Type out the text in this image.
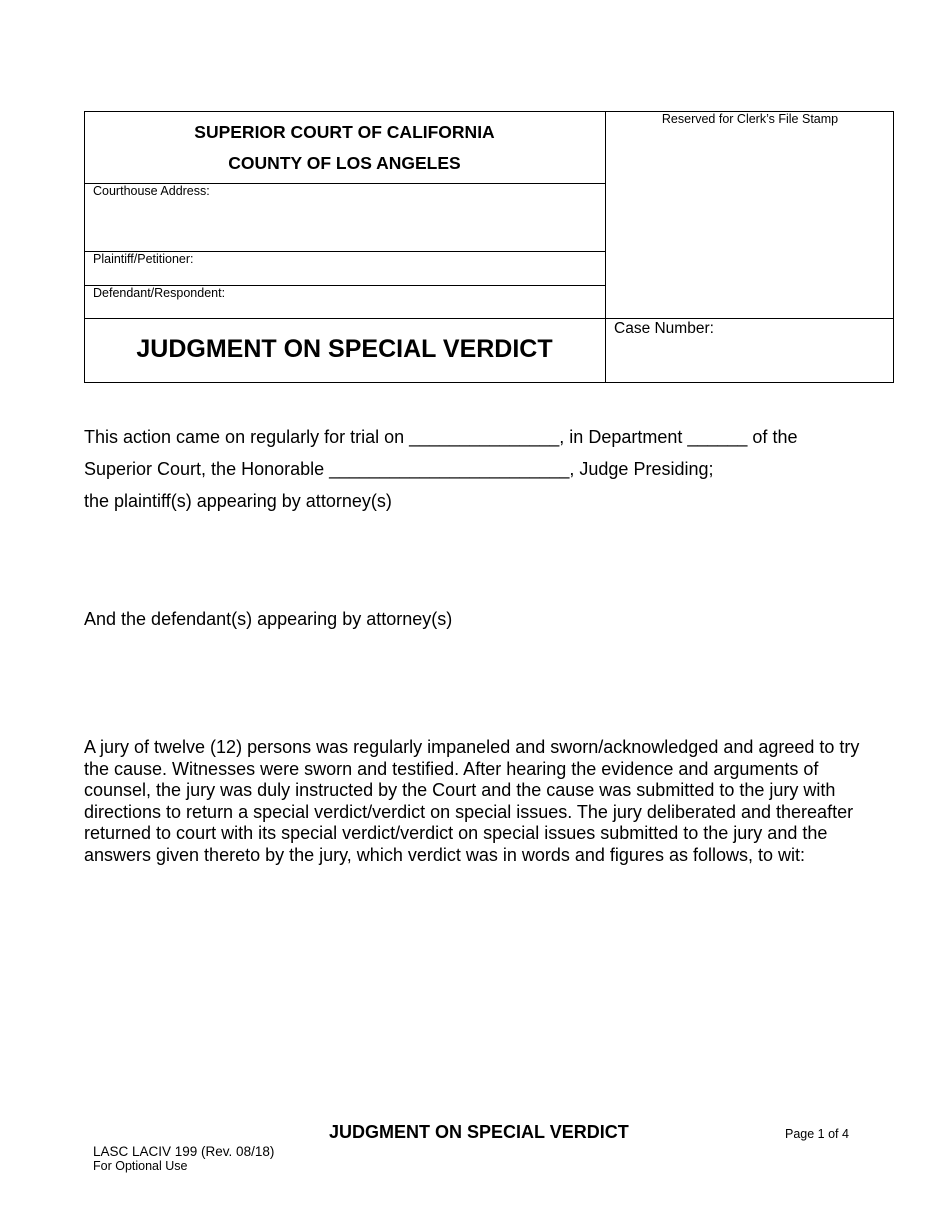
SUPERIOR COURT OF CALIFORNIA
COUNTY OF LOS ANGELES
Courthouse Address:
Plaintiff/Petitioner:
Defendant/Respondent:
Reserved for Clerk’s File Stamp
Case Number:
JUDGMENT ON SPECIAL VERDICT
This action came on regularly for trial on _______________, in Department ______ of the
Superior Court, the Honorable ________________________, Judge Presiding;
the plaintiff(s) appearing by attorney(s)
And the defendant(s) appearing by attorney(s)
A jury of twelve (12) persons was regularly impaneled and sworn/acknowledged and agreed to try the cause. Witnesses were sworn and testified. After hearing the evidence and arguments of counsel, the jury was duly instructed by the Court and the cause was submitted to the jury with directions to return a special verdict/verdict on special issues. The jury deliberated and thereafter returned to court with its special verdict/verdict on special issues submitted to the jury and the answers given thereto by the jury, which verdict was in words and figures as follows, to wit:
JUDGMENT ON SPECIAL VERDICT	Page 1 of 4
LASC LACIV 199 (Rev. 08/18)
For Optional Use
